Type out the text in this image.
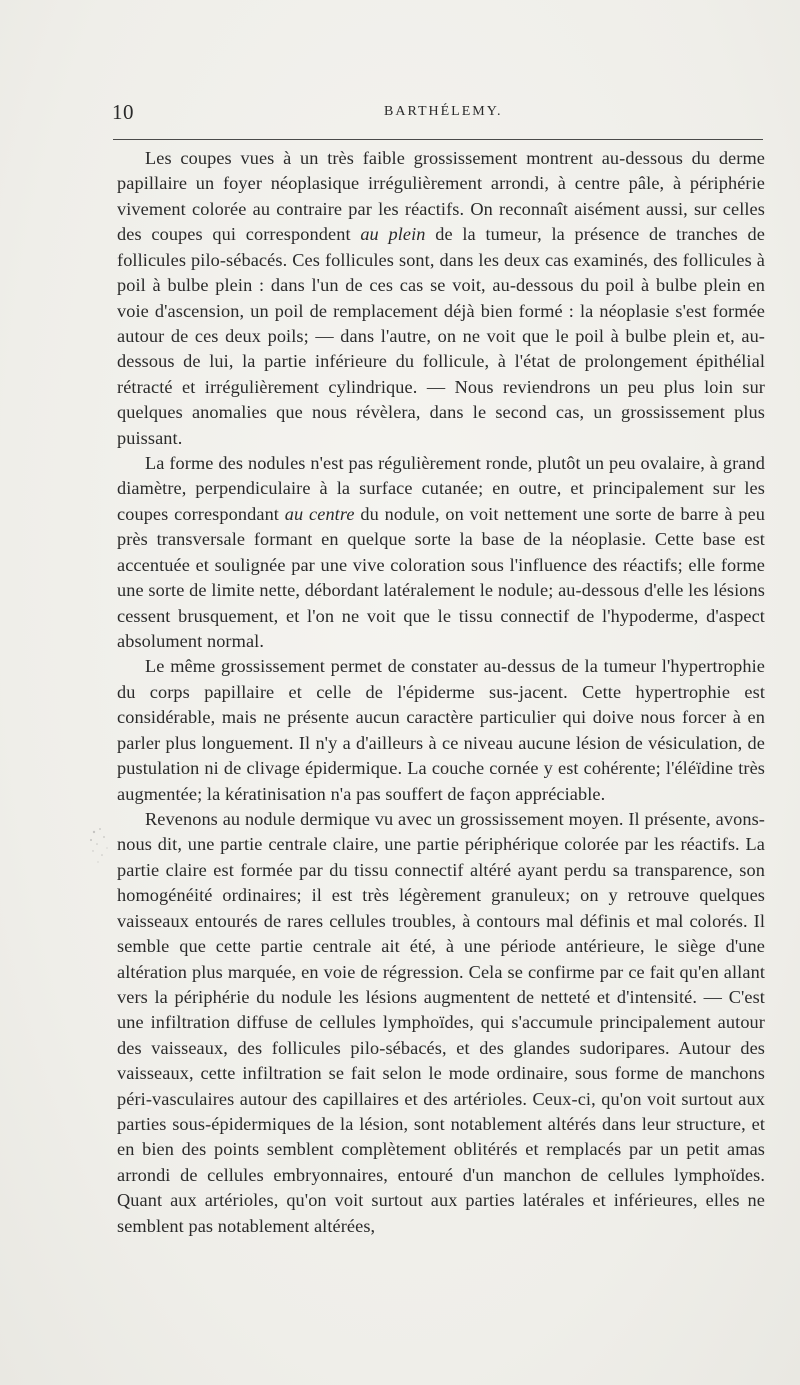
10	BARTHÉLEMY.

Les coupes vues à un très faible grossissement montrent au-dessous du derme papillaire un foyer néoplasique irrégulièrement arrondi, à centre pâle, à périphérie vivement colorée au contraire par les réactifs. On reconnaît aisément aussi, sur celles des coupes qui correspondent au plein de la tumeur, la présence de tranches de follicules pilo-sébacés. Ces follicules sont, dans les deux cas examinés, des follicules à poil à bulbe plein : dans l'un de ces cas se voit, au-dessous du poil à bulbe plein en voie d'ascension, un poil de remplacement déjà bien formé : la néoplasie s'est formée autour de ces deux poils; — dans l'autre, on ne voit que le poil à bulbe plein et, au-dessous de lui, la partie inférieure du follicule, à l'état de prolongement épithélial rétracté et irrégulièrement cylindrique. — Nous reviendrons un peu plus loin sur quelques anomalies que nous révèlera, dans le second cas, un grossissement plus puissant.

La forme des nodules n'est pas régulièrement ronde, plutôt un peu ovalaire, à grand diamètre, perpendiculaire à la surface cutanée; en outre, et principalement sur les coupes correspondant au centre du nodule, on voit nettement une sorte de barre à peu près transversale formant en quelque sorte la base de la néoplasie. Cette base est accentuée et soulignée par une vive coloration sous l'influence des réactifs; elle forme une sorte de limite nette, débordant latéralement le nodule; au-dessous d'elle les lésions cessent brusquement, et l'on ne voit que le tissu connectif de l'hypoderme, d'aspect absolument normal.

Le même grossissement permet de constater au-dessus de la tumeur l'hypertrophie du corps papillaire et celle de l'épiderme sus-jacent. Cette hypertrophie est considérable, mais ne présente aucun caractère particulier qui doive nous forcer à en parler plus longuement. Il n'y a d'ailleurs à ce niveau aucune lésion de vésiculation, de pustulation ni de clivage épidermique. La couche cornée y est cohérente; l'éléïdine très augmentée; la kératinisation n'a pas souffert de façon appréciable.

Revenons au nodule dermique vu avec un grossissement moyen. Il présente, avons-nous dit, une partie centrale claire, une partie périphérique colorée par les réactifs. La partie claire est formée par du tissu connectif altéré ayant perdu sa transparence, son homogénéité ordinaires; il est très légèrement granuleux; on y retrouve quelques vaisseaux entourés de rares cellules troubles, à contours mal définis et mal colorés. Il semble que cette partie centrale ait été, à une période antérieure, le siège d'une altération plus marquée, en voie de régression. Cela se confirme par ce fait qu'en allant vers la périphérie du nodule les lésions augmentent de netteté et d'intensité. — C'est une infiltration diffuse de cellules lymphoïdes, qui s'accumule principalement autour des vaisseaux, des follicules pilo-sébacés, et des glandes sudoripares. Autour des vaisseaux, cette infiltration se fait selon le mode ordinaire, sous forme de manchons péri-vasculaires autour des capillaires et des artérioles. Ceux-ci, qu'on voit surtout aux parties sous-épidermiques de la lésion, sont notablement altérés dans leur structure, et en bien des points semblent complètement oblitérés et remplacés par un petit amas arrondi de cellules embryonnaires, entouré d'un manchon de cellules lymphoïdes. Quant aux artérioles, qu'on voit surtout aux parties latérales et inférieures, elles ne semblent pas notablement altérées,
